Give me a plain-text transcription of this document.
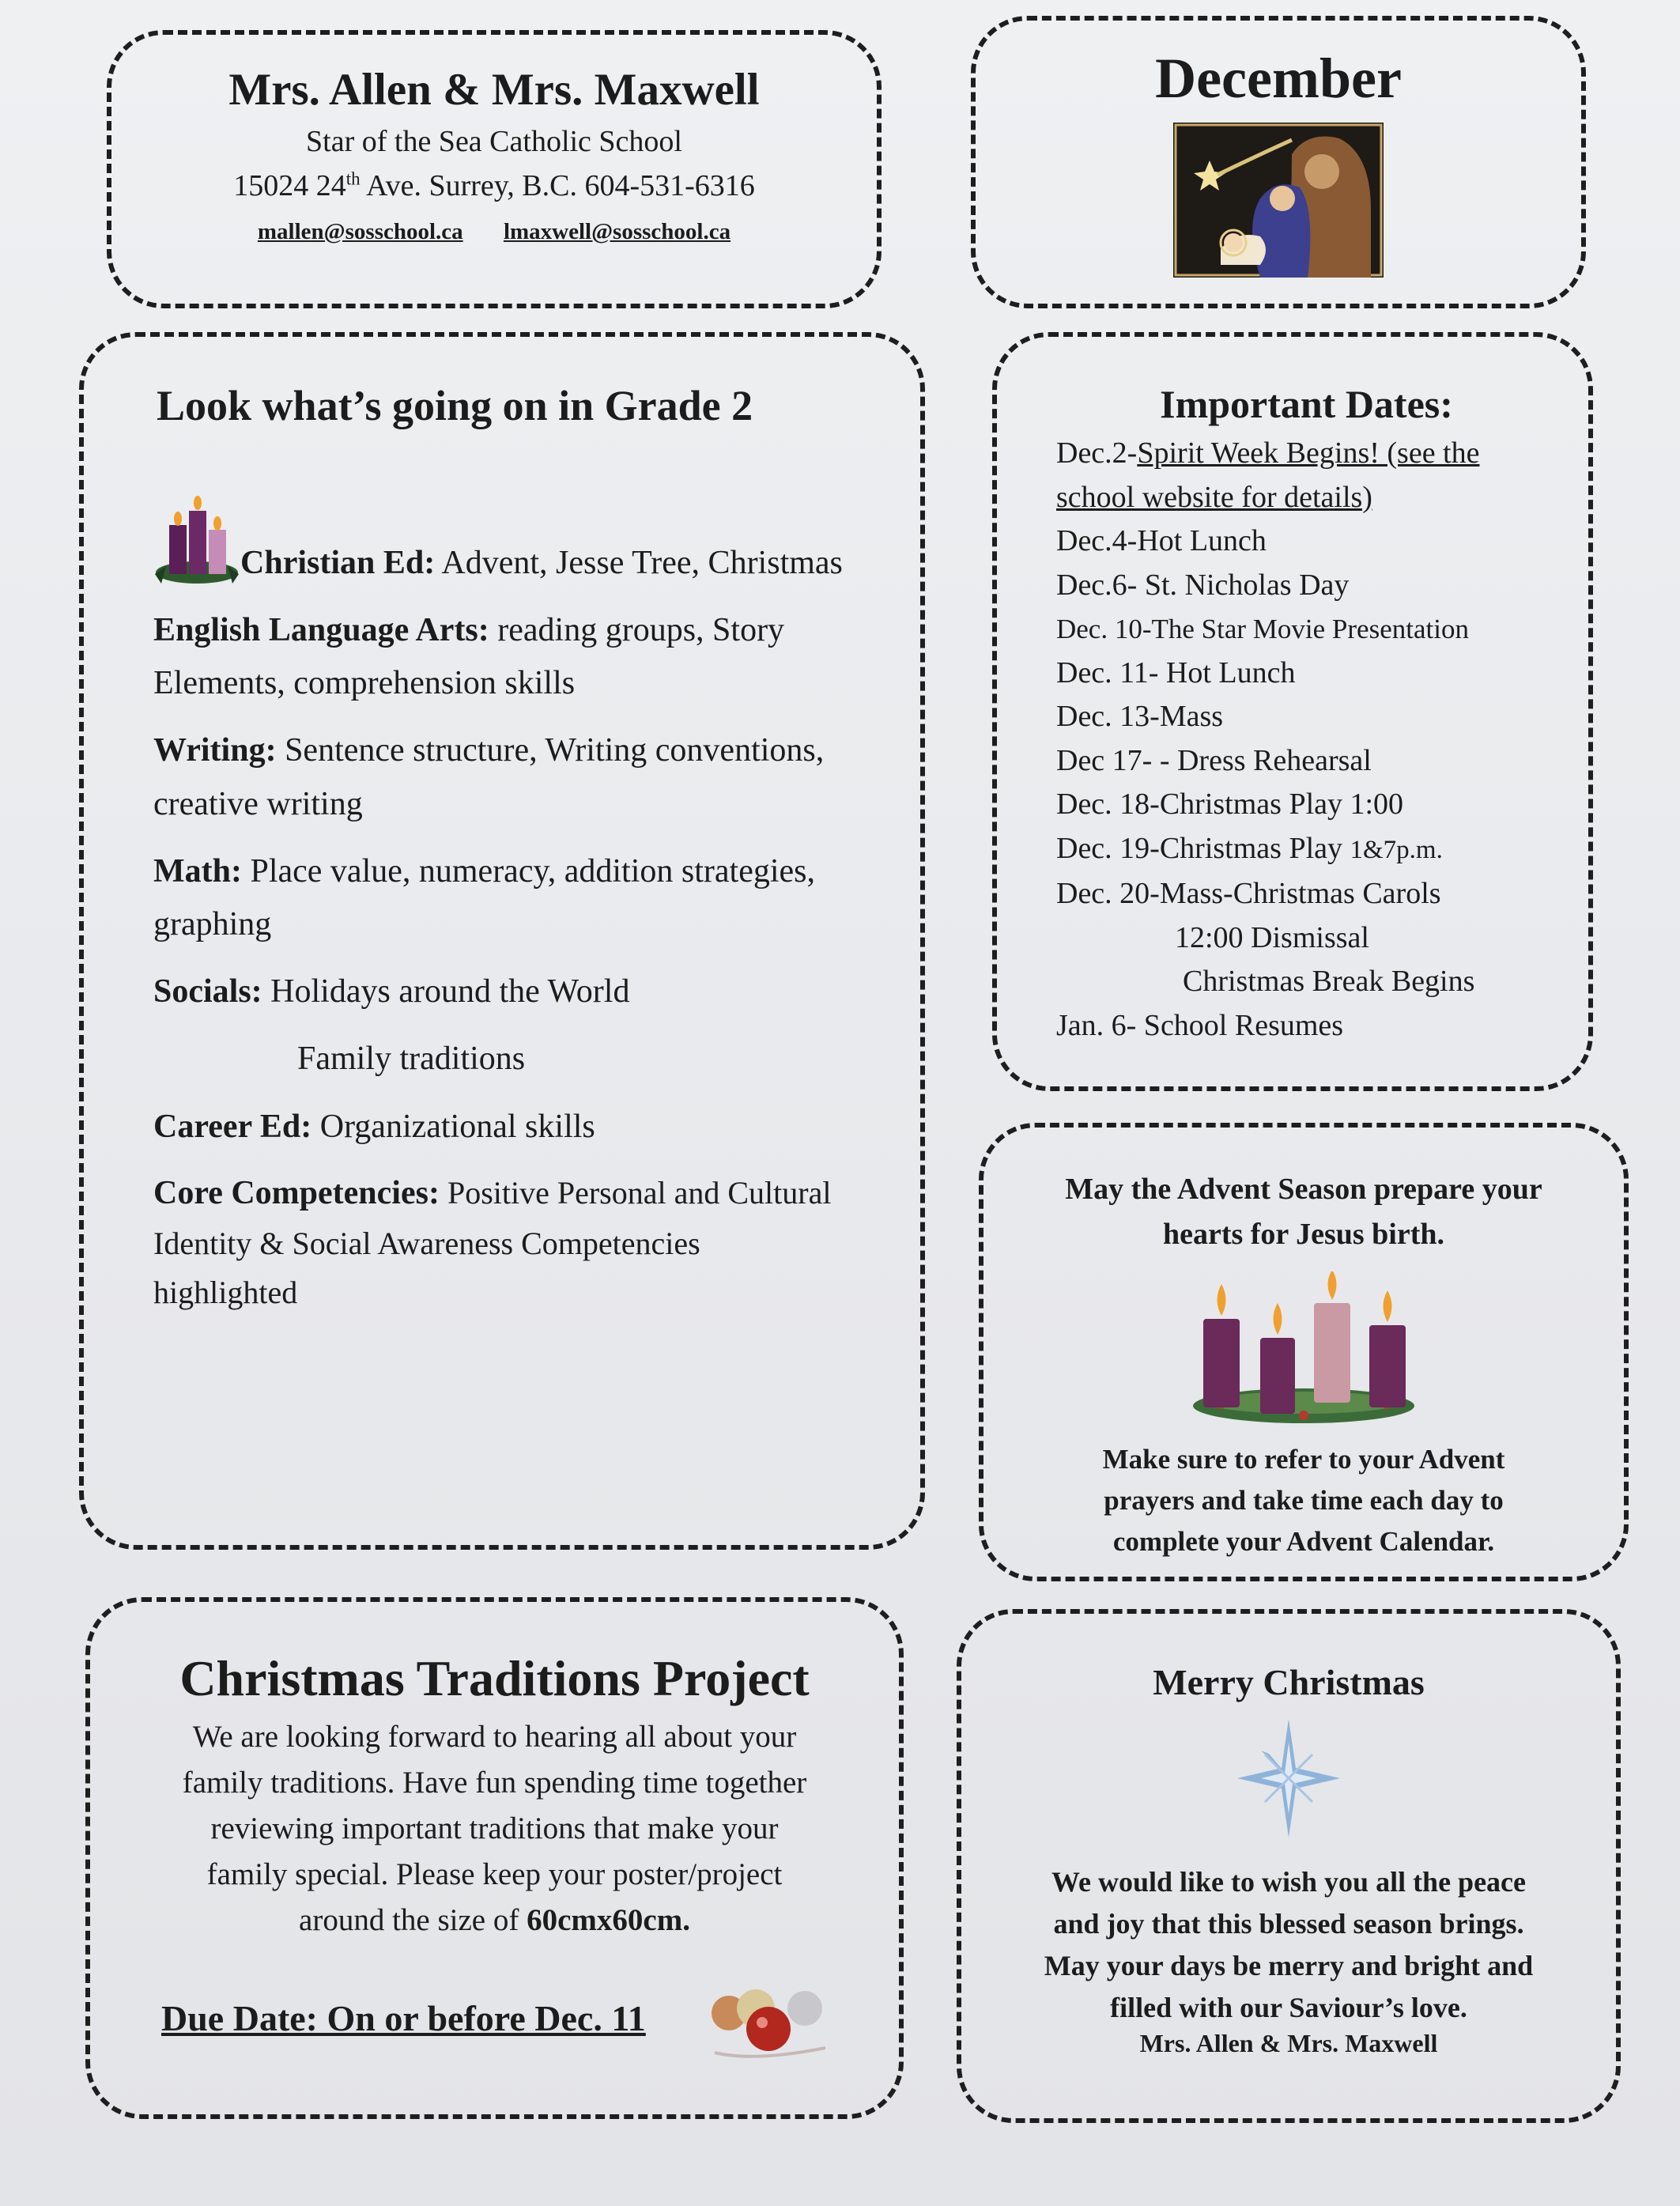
Mrs. Allen & Mrs. Maxwell
Star of the Sea Catholic School
15024 24th Ave. Surrey, B.C. 604-531-6316
mallen@sosschool.ca lmaxwell@sosschool.ca
December
Look what’s going on in Grade 2
Christian Ed: Advent, Jesse Tree, Christmas
English Language Arts: reading groups, Story Elements, comprehension skills
Writing: Sentence structure, Writing conventions, creative writing
Math: Place value, numeracy, addition strategies, graphing
Socials: Holidays around the World
Family traditions
Career Ed: Organizational skills
Core Competencies: Positive Personal and Cultural Identity & Social Awareness Competencies highlighted
Important Dates:
Dec.2-Spirit Week Begins! (see the
school website for details)
Dec.4-Hot Lunch
Dec.6- St. Nicholas Day
Dec. 10-The Star Movie Presentation
Dec. 11- Hot Lunch
Dec. 13-Mass
Dec 17- - Dress Rehearsal
Dec. 18-Christmas Play 1:00
Dec. 19-Christmas Play 1&7p.m.
Dec. 20-Mass-Christmas Carols
12:00 Dismissal
Christmas Break Begins
Jan. 6- School Resumes
May the Advent Season prepare your
hearts for Jesus birth.
Make sure to refer to your Advent
prayers and take time each day to
complete your Advent Calendar.
Christmas Traditions Project
We are looking forward to hearing all about your
family traditions. Have fun spending time together
reviewing important traditions that make your
family special. Please keep your poster/project
around the size of 60cmx60cm.
Due Date: On or before Dec. 11
Merry Christmas
We would like to wish you all the peace
and joy that this blessed season brings.
May your days be merry and bright and
filled with our Saviour’s love.
Mrs. Allen & Mrs. Maxwell
